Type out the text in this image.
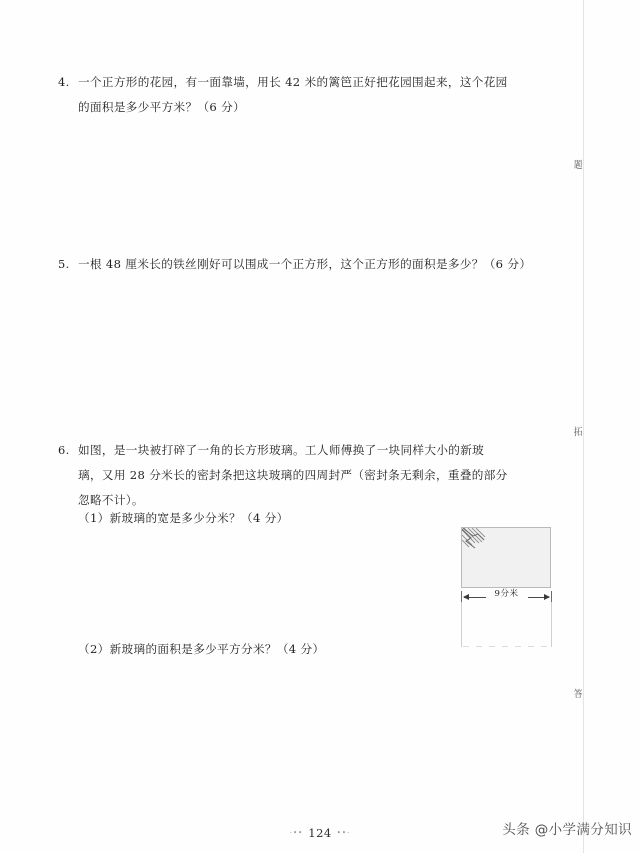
题
拓
答
4. 一个正方形的花园，有一面靠墙，用长 42 米的篱笆正好把花园围起来，这个花园
的面积是多少平方米？（6 分）
5. 一根 48 厘米长的铁丝刚好可以围成一个正方形，这个正方形的面积是多少？（6 分）
6. 如图，是一块被打碎了一角的长方形玻璃。工人师傅换了一块同样大小的新玻
璃，又用 28 分米长的密封条把这块玻璃的四周封严（密封条无剩余，重叠的部分
忽略不计）。
（1）新玻璃的宽是多少分米？（4 分）
（2）新玻璃的面积是多少平方分米？（4 分）
9分米
·•• 124 ••·	头条 @小学满分知识
